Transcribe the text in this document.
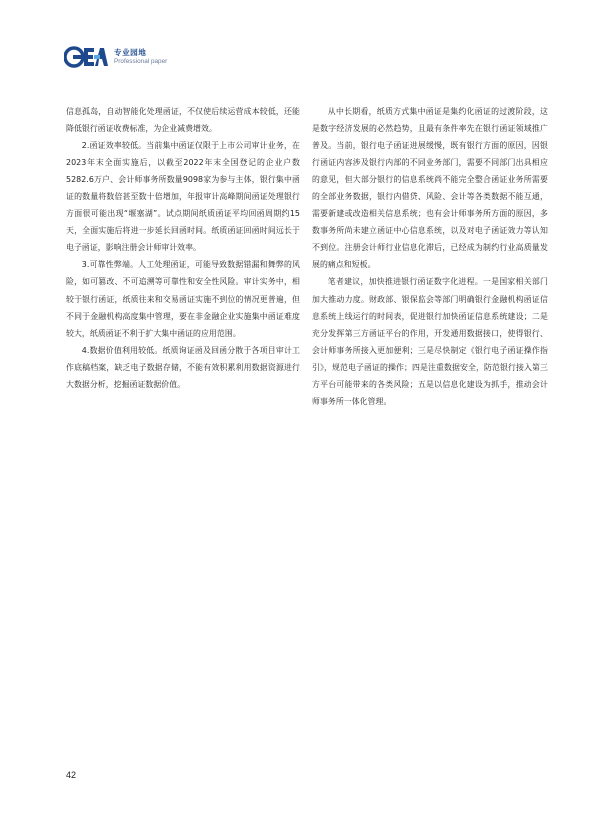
专业园地
Professional paper

信息孤岛，自动智能化处理函证，不仅使后续运营成本较低，还能降低银行函证收费标准，为企业减费增效。

2.函证效率较低。当前集中函证仅限于上市公司审计业务，在2023年末全面实施后，以截至2022年末全国登记的企业户数5282.6万户、会计师事务所数量9098家为参与主体，银行集中函证的数量将数倍甚至数十倍增加，年报审计高峰期间函证处理银行方面很可能出现“堰塞湖”。试点期间纸质函证平均回函周期约15天，全面实施后将进一步延长回函时间。纸质函证回函时间远长于电子函证，影响注册会计师审计效率。

3.可靠性弊端。人工处理函证，可能导致数据错漏和舞弊的风险，如可篡改、不可追溯等可靠性和安全性风险。审计实务中，相较于银行函证，纸质往来和交易函证实施不到位的情况更普遍，但不同于金融机构高度集中管理，要在非金融企业实施集中函证难度较大，纸质函证不利于扩大集中函证的应用范围。

4.数据价值利用较低。纸质询证函及回函分散于各项目审计工作底稿档案，缺乏电子数据存储，不能有效积累利用数据资源进行大数据分析，挖掘函证数据价值。

从中长期看，纸质方式集中函证是集约化函证的过渡阶段，这是数字经济发展的必然趋势，且最有条件率先在银行函证领域推广普及。当前，银行电子函证进展缓慢，既有银行方面的原因，因银行函证内容涉及银行内部的不同业务部门，需要不同部门出具相应的意见，但大部分银行的信息系统尚不能完全整合函证业务所需要的全部业务数据，银行内借贷、风险、会计等各类数据不能互通，需要新建或改造相关信息系统；也有会计师事务所方面的原因，多数事务所尚未建立函证中心信息系统，以及对电子函证效力等认知不到位。注册会计师行业信息化滞后，已经成为制约行业高质量发展的痛点和短板。

笔者建议，加快推进银行函证数字化进程。一是国家相关部门加大推动力度。财政部、银保监会等部门明确银行金融机构函证信息系统上线运行的时间表，促进银行加快函证信息系统建设；二是充分发挥第三方函证平台的作用，开发通用数据接口，使得银行、会计师事务所接入更加便利；三是尽快制定《银行电子函证操作指引》，规范电子函证的操作；四是注重数据安全，防范银行接入第三方平台可能带来的各类风险；五是以信息化建设为抓手，推动会计师事务所一体化管理。

42
